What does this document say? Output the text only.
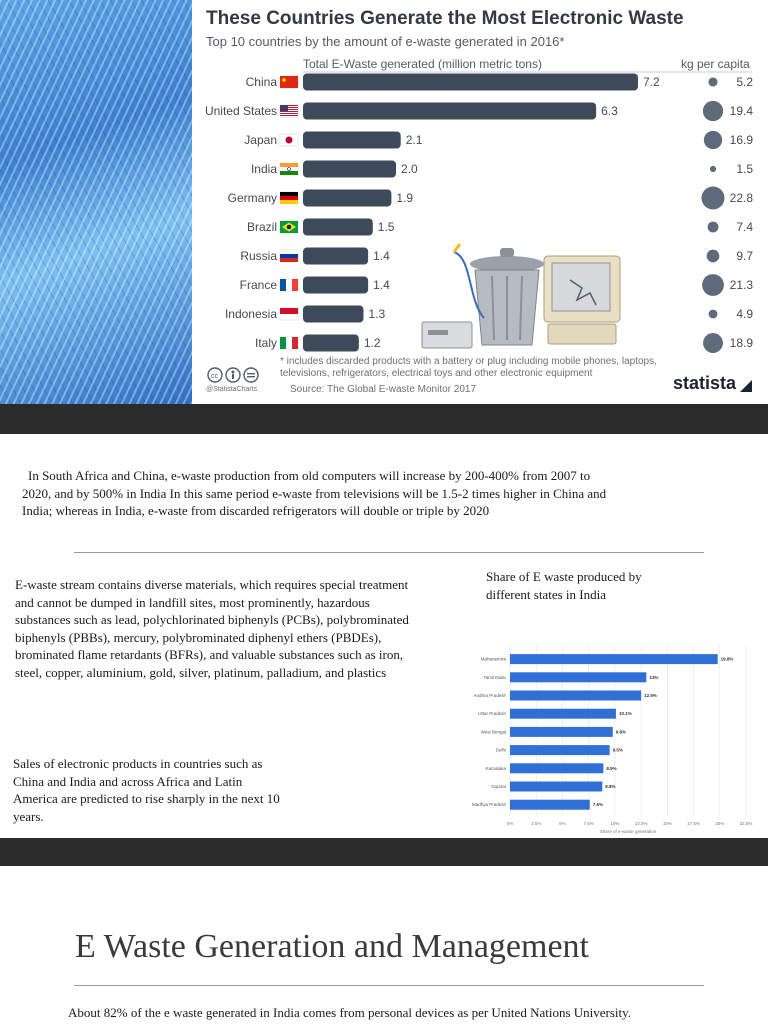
These Countries Generate the Most Electronic Waste
Top 10 countries by the amount of e-waste generated in 2016*
Total E-Waste generated (million metric tons)	kg per capita
China	7.2	5.2
United States	6.3	19.4
Japan	2.1	16.9
India	2.0	1.5
Germany	1.9	22.8
Brazil	1.5	7.4
Russia	1.4	9.7
France	1.4	21.3
Indonesia	1.3	4.9
Italy	1.2	18.9
cc
@StatistaCharts
* includes discarded products with a battery or plug including mobile phones, laptops, televisions, refrigerators, electrical toys and other electronic equipment
Source: The Global E-waste Monitor 2017	statista
In South Africa and China, e-waste production from old computers will increase by 200-400% from 2007 to 2020, and by 500% in India In this same period e-waste from televisions will be 1.5-2 times higher in China and India; whereas in India, e-waste from discarded refrigerators will double or triple by 2020
E-waste stream contains diverse materials, which requires special treatment and cannot be dumped in landfill sites, most prominently, hazardous substances such as lead, polychlorinated biphenyls (PCBs), polybrominated biphenyls (PBBs), mercury, polybrominated diphenyl ethers (PBDEs), brominated flame retardants (BFRs), and valuable substances such as iron, steel, copper, aluminium, gold, silver, platinum, palladium, and plastics
Share of E waste produced by different states in India
0%	2.5%	5%	7.5%	10%	12.5%	15%	17.5%	20%	22.5%
Share of e-waste generation
Maharashtra	19.8%
Tamil Nadu	13%
Andhra Pradesh	12.5%
Uttar Pradesh	10.1%
West Bengal	9.8%
Delhi	9.5%
Karnataka	8.9%
Gujarat	8.8%
Madhya Pradesh	7.6%
Sales of electronic products in countries such as China and India and across Africa and Latin America are predicted to rise sharply in the next 10 years.
E Waste Generation and Management
About 82% of the e waste generated in India comes from personal devices as per United Nations University.
